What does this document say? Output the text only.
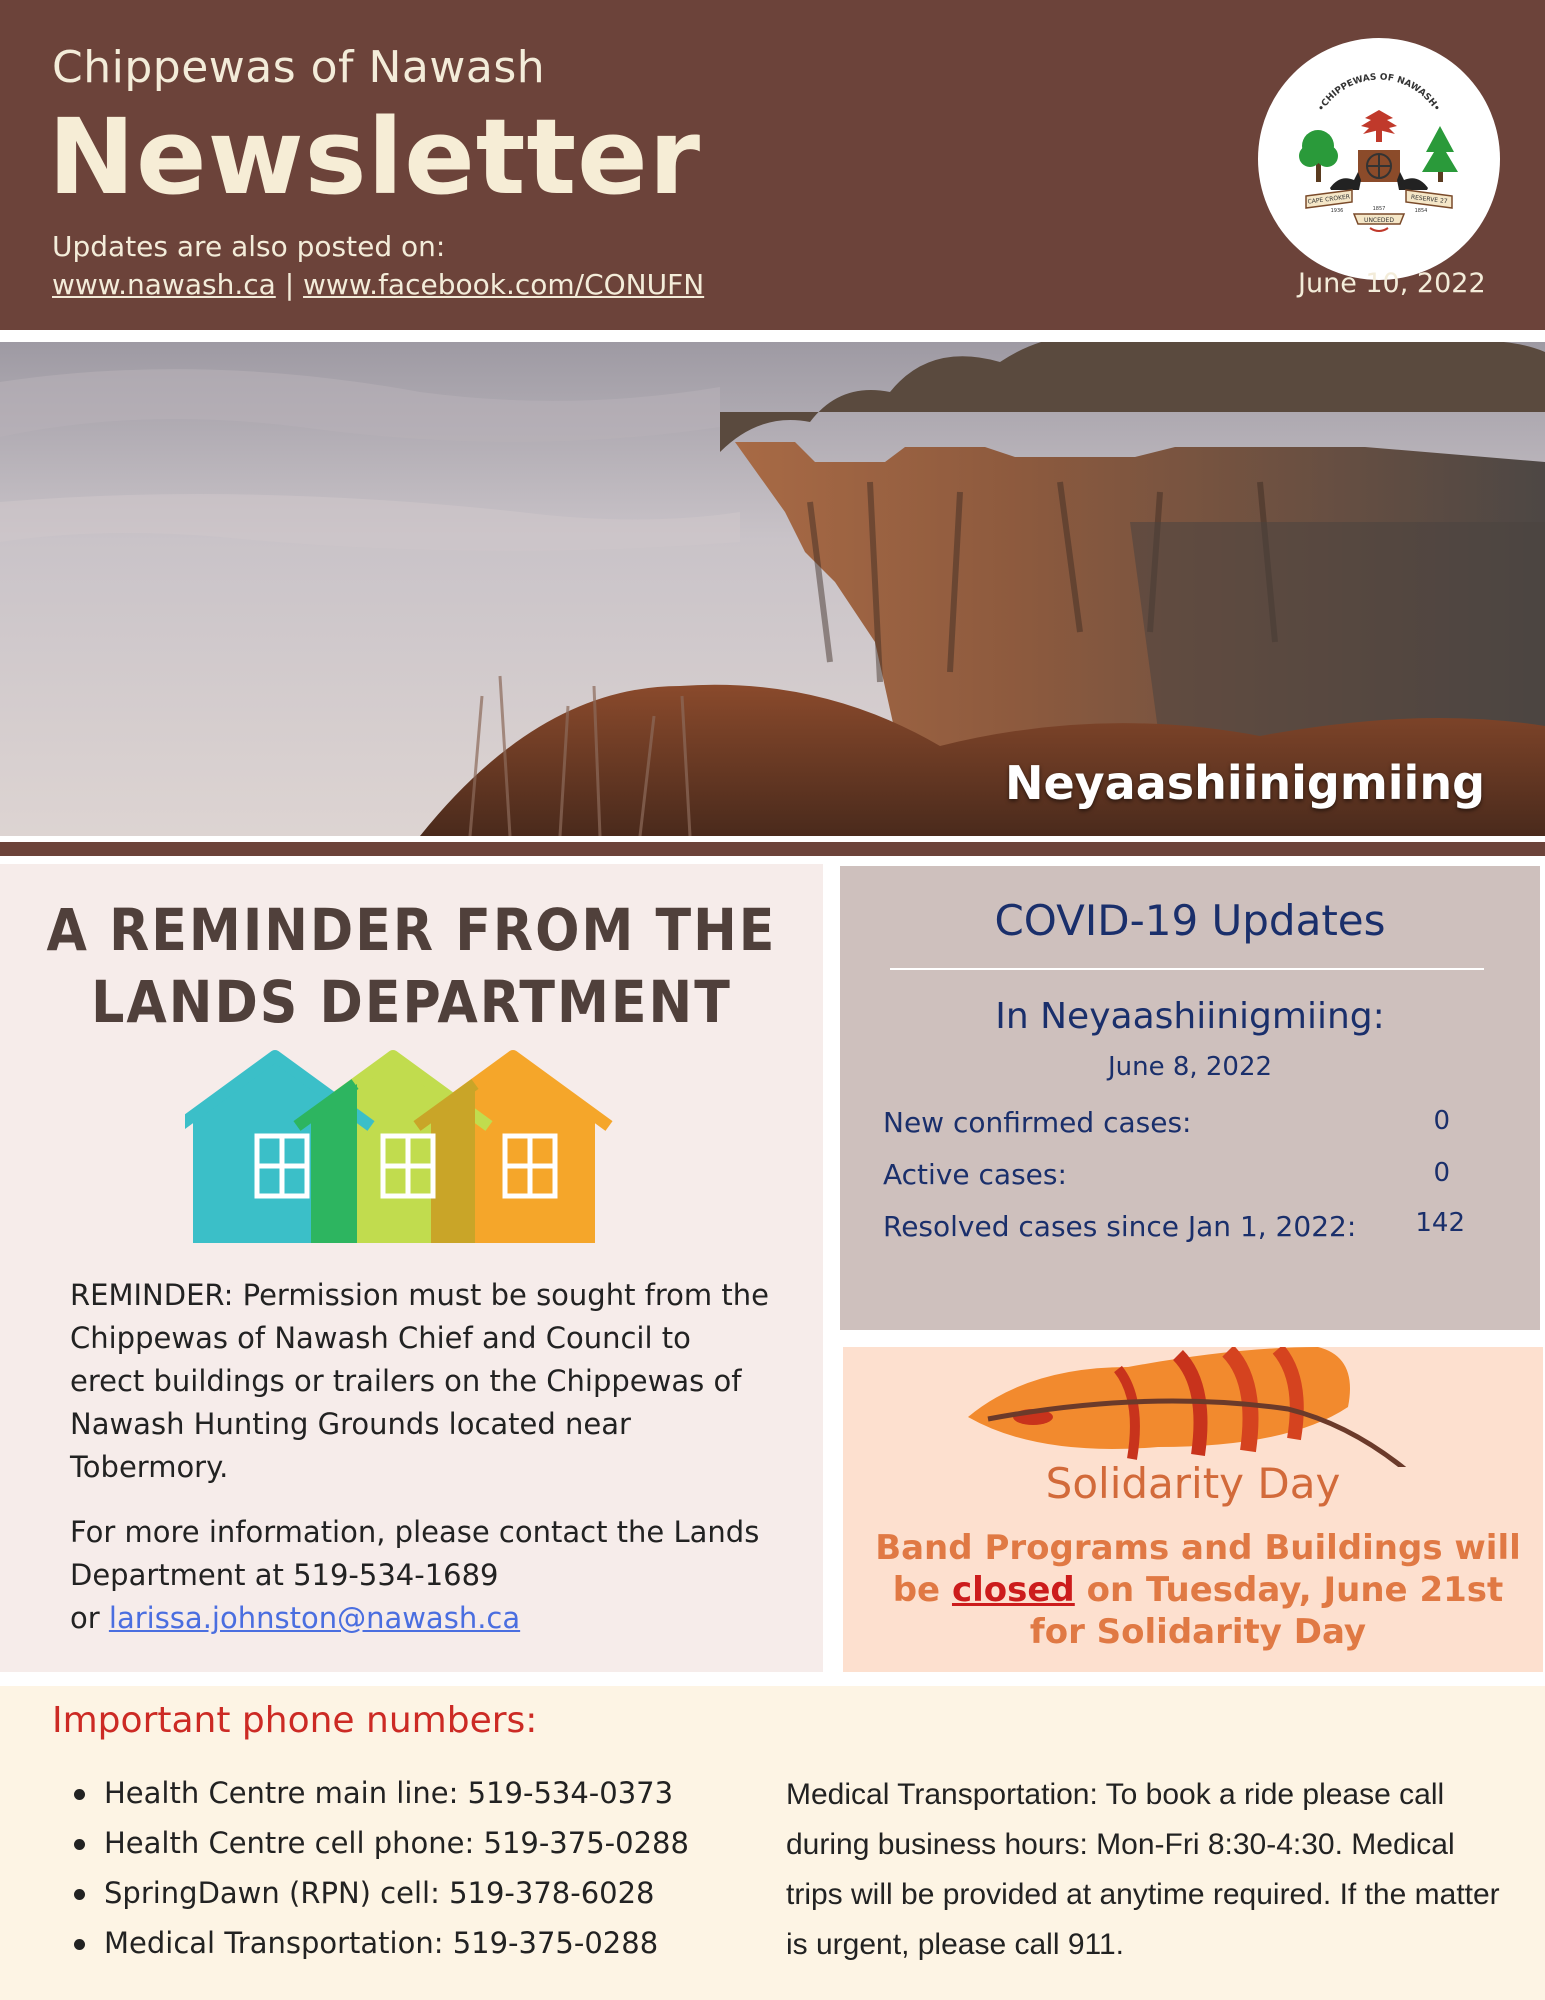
Chippewas of Nawash
Newsletter
Updates are also posted on:
www.nawash.ca | www.facebook.com/CONUFN
•CHIPPEWAS OF NAWASH•
CAPE CROKER	RESERVE 27
UNCEDED
1936	1857	1854
June 10, 2022
Neyaashiinigmiing
A REMINDER FROM THE
LANDS DEPARTMENT

REMINDER: Permission must be sought from the Chippewas of Nawash Chief and Council to erect buildings or trailers on the Chippewas of Nawash Hunting Grounds located near Tobermory.

For more information, please contact the Lands Department at 519-534-1689
or larissa.johnston@nawash.ca

COVID-19 Updates
In Neyaashiinigmiing:
June 8, 2022
New confirmed cases:	0
Active cases:	0
Resolved cases since Jan 1, 2022: 142
Solidarity Day
Band Programs and Buildings will be closed on Tuesday, June 21st for Solidarity Day
Important phone numbers:
Health Centre main line: 519-534-0373
Health Centre cell phone: 519-375-0288
SpringDawn (RPN) cell: 519-378-6028
Medical Transportation: 519-375-0288
Medical Transportation: To book a ride please call during business hours: Mon-Fri 8:30-4:30. Medical trips will be provided at anytime required. If the matter is urgent, please call 911.
